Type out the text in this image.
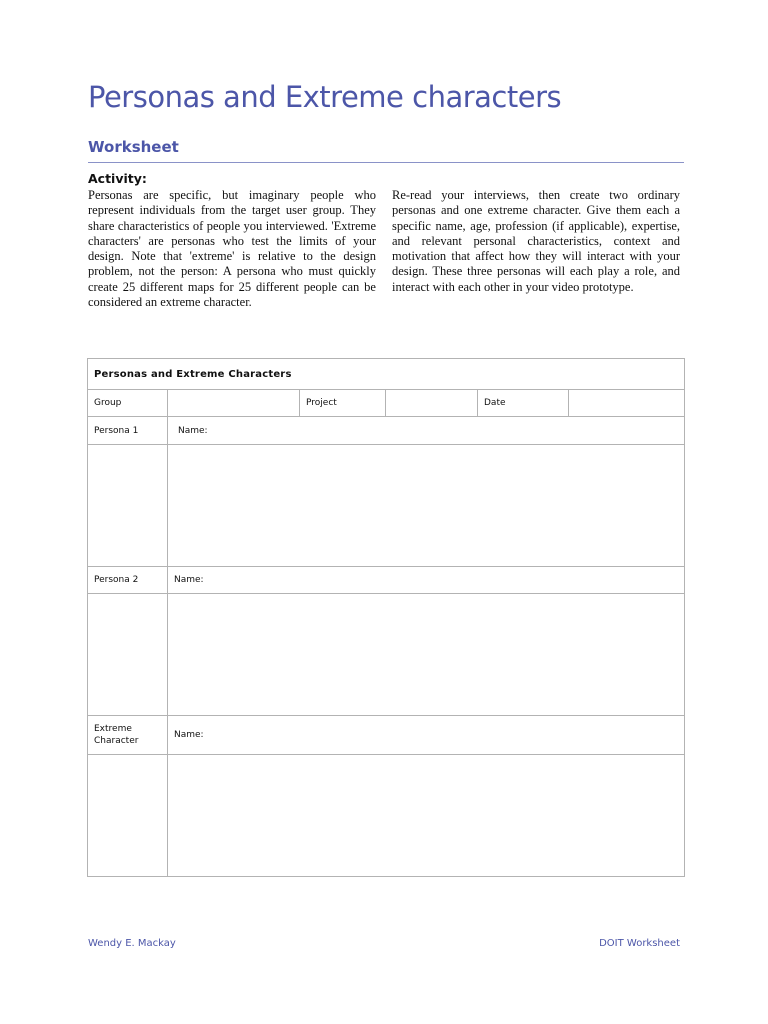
Personas and Extreme characters
Worksheet
Activity:

Personas are specific, but imaginary people who represent individuals from the target user group. They share characteristics of people you interviewed. 'Extreme characters' are personas who test the limits of your design. Note that 'extreme' is relative to the design problem, not the person: A persona who must quickly create 25 different maps for 25 different people can be considered an extreme character.

Re-read your interviews, then create two ordinary personas and one extreme character. Give them each a specific name, age, profession (if applicable), expertise, and relevant personal characteristics, context and motivation that affect how they will interact with your design. These three personas will each play a role, and interact with each other in your video prototype.

Personas and Extreme Characters					
Group		Project		Date	
Persona 1	Name:				

Persona 2	Name:				

Extreme
Character	Name:				

Wendy E. Mackay	DOIT Worksheet
